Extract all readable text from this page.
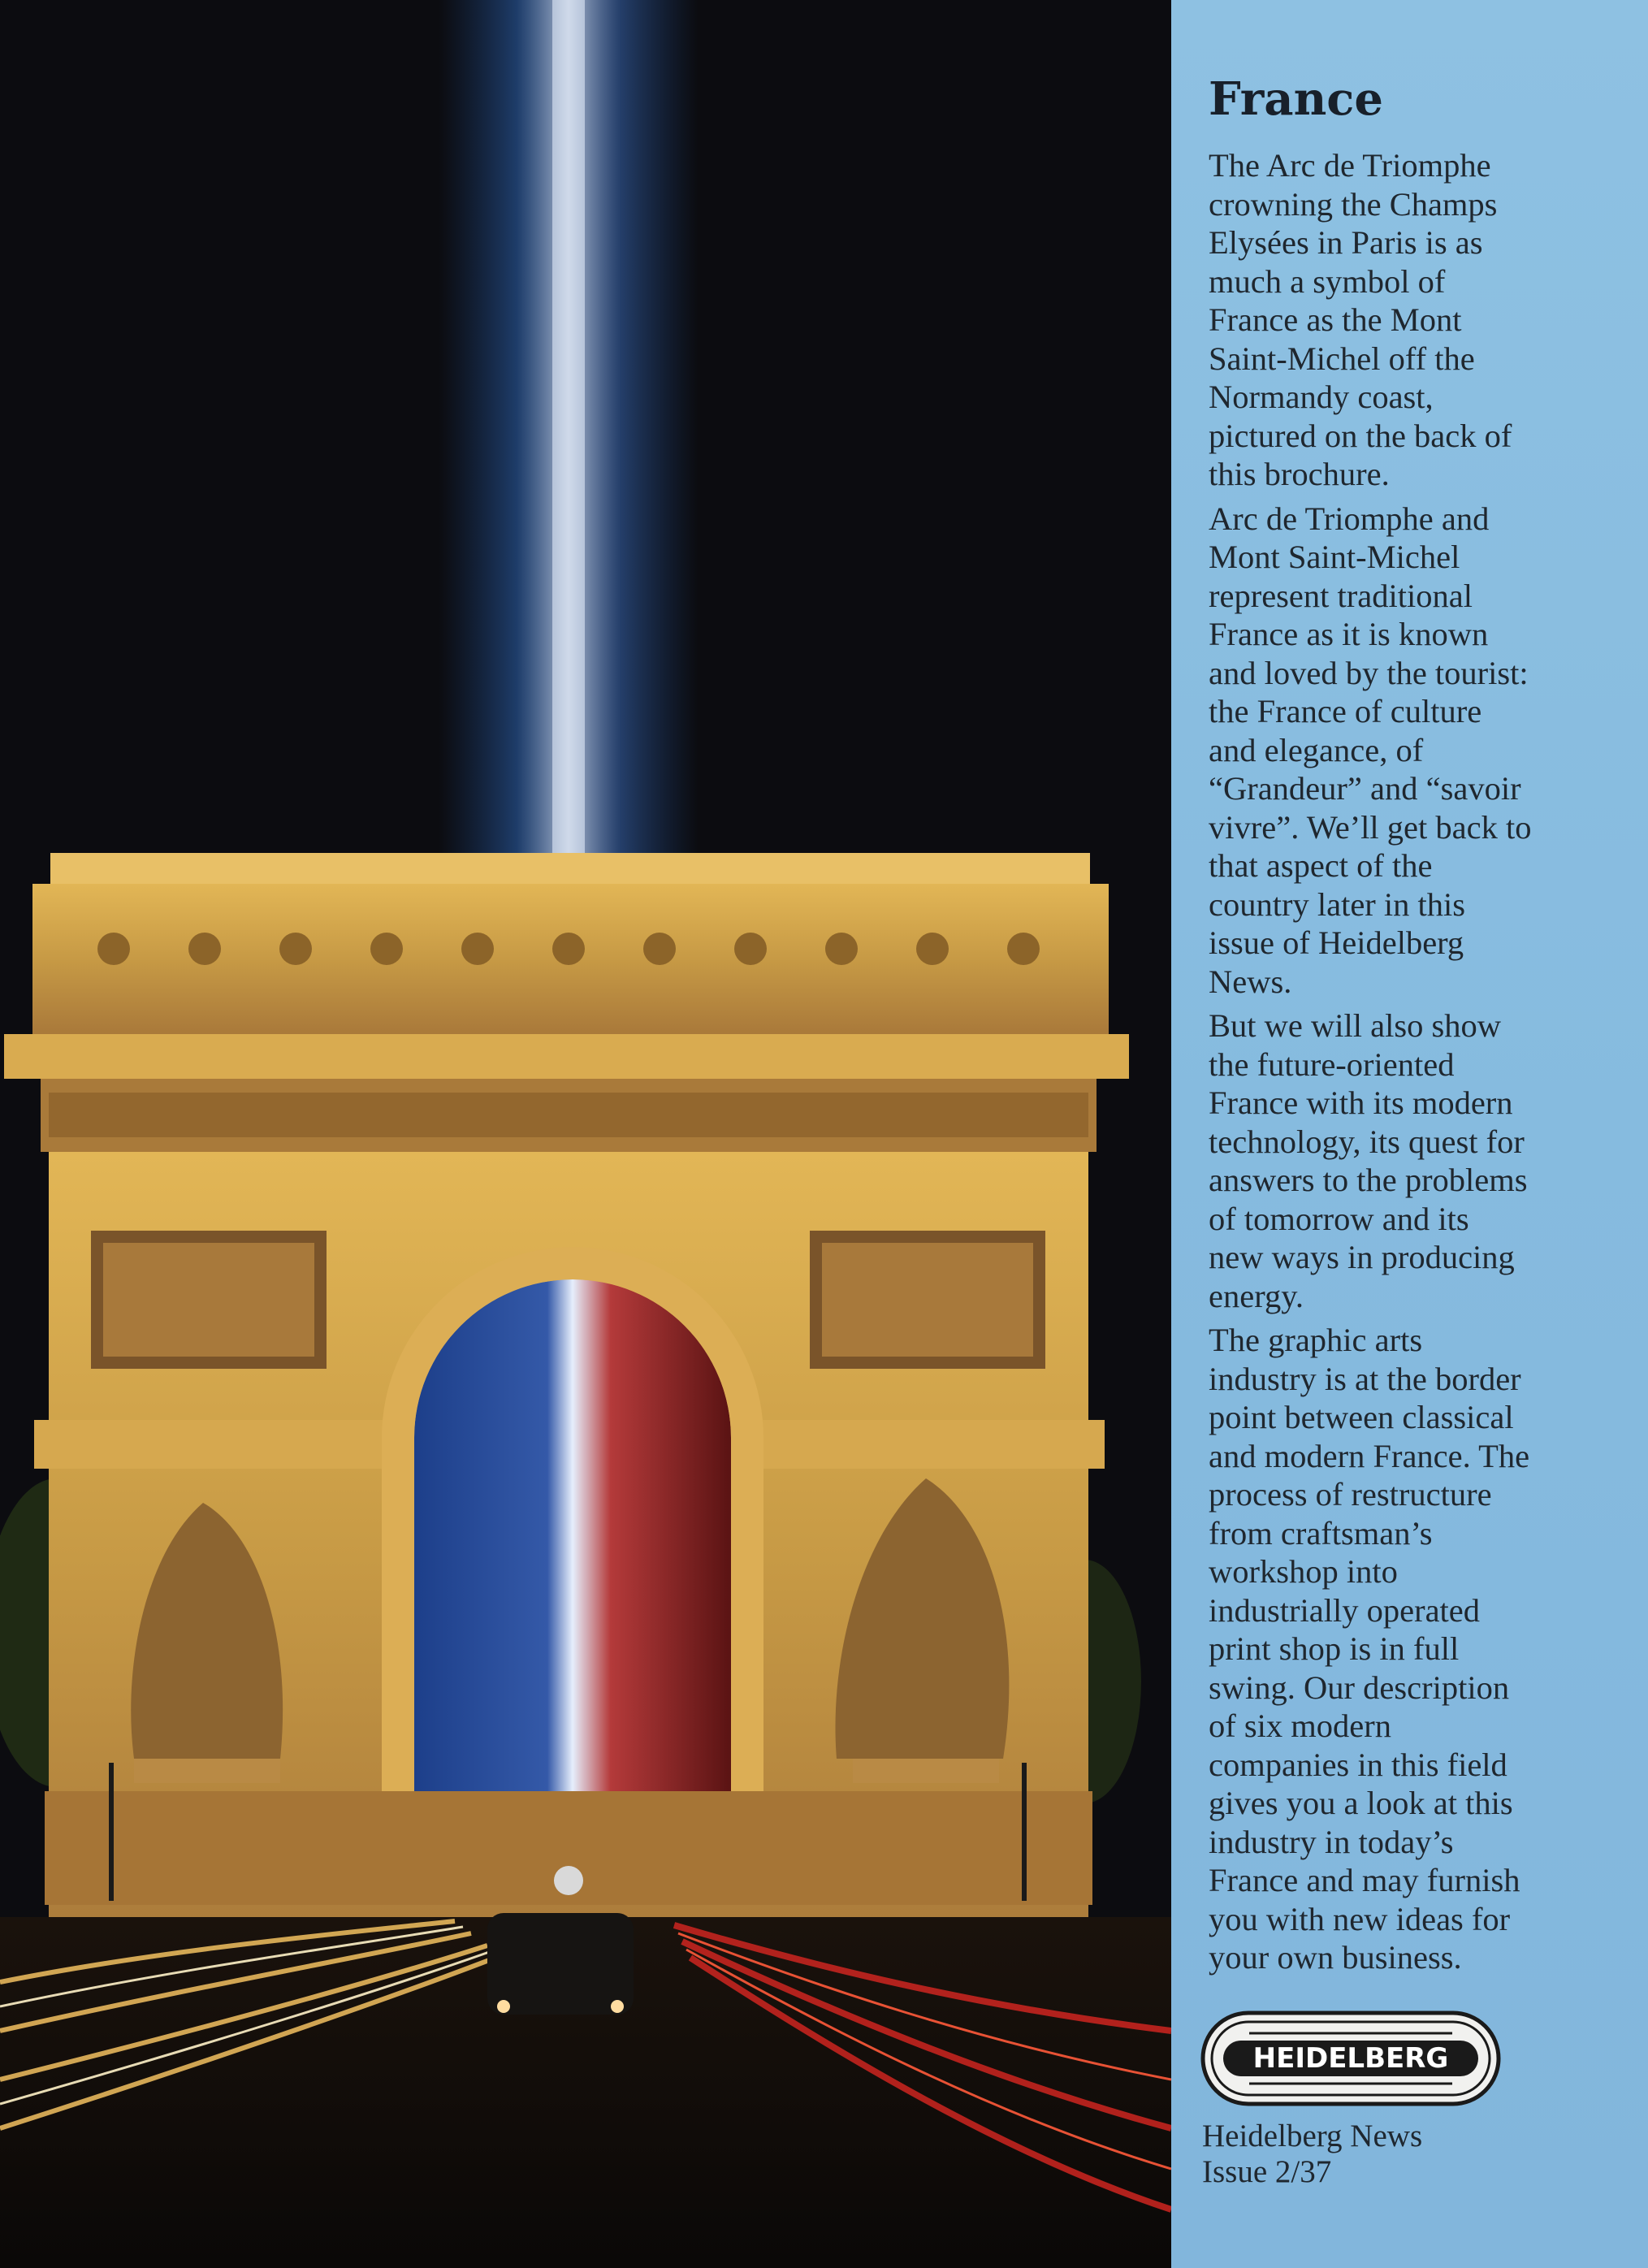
France

The Arc de Triomphe
crowning the Champs
Elysées in Paris is as
much a symbol of
France as the Mont
Saint-Michel off the
Normandy coast,
pictured on the back of
this brochure.

Arc de Triomphe and
Mont Saint-Michel
represent traditional
France as it is known
and loved by the tourist:
the France of culture
and elegance, of
“Grandeur” and “savoir
vivre”. We’ll get back to
that aspect of the
country later in this
issue of Heidelberg
News.

But we will also show
the future-oriented
France with its modern
technology, its quest for
answers to the problems
of tomorrow and its
new ways in producing
energy.

The graphic arts
industry is at the border
point between classical
and modern France. The
process of restructure
from craftsman’s
workshop into
industrially operated
print shop is in full
swing. Our description
of six modern
companies in this field
gives you a look at this
industry in today’s
France and may furnish
you with new ideas for
your own business.

HEIDELBERG
Heidelberg News
Issue 2/37
